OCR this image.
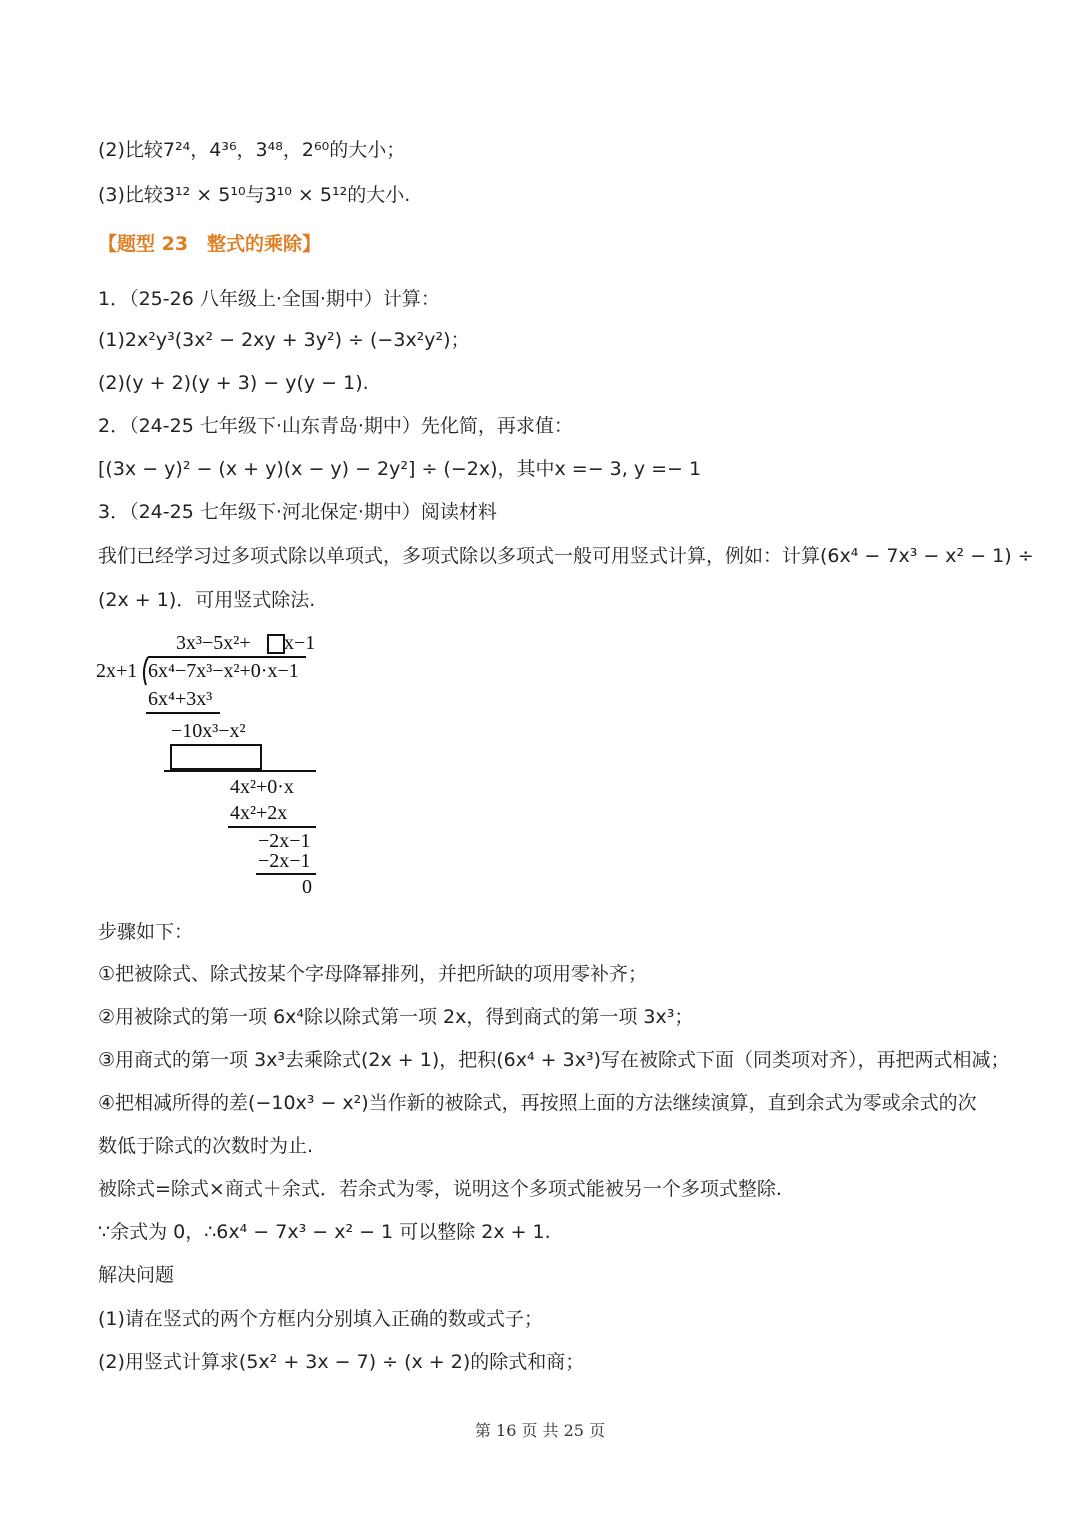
(2)比较7²⁴，4³⁶，3⁴⁸，2⁶⁰的大小；
(3)比较3¹² × 5¹⁰与3¹⁰ × 5¹²的大小.
【题型 23　整式的乘除】
1．（25-26 八年级上·全国·期中）计算：
(1)2x²y³(3x² − 2xy + 3y²) ÷ (−3x²y²)；
(2)(y + 2)(y + 3) − y(y − 1).
2．（24-25 七年级下·山东青岛·期中）先化简，再求值：
[(3x − y)² − (x + y)(x − y) − 2y²] ÷ (−2x)，其中x =− 3, y =− 1
3．（24-25 七年级下·河北保定·期中）阅读材料
我们已经学习过多项式除以单项式，多项式除以多项式一般可用竖式计算，例如：计算(6x⁴ − 7x³ − x² − 1) ÷
(2x + 1)．可用竖式除法.
3x³−5x²+ x−1
2x+1 6x⁴−7x³−x²+0·x−1
6x⁴+3x³
−10x³−x²
4x²+0·x
4x²+2x
−2x−1
−2x−1
0
步骤如下：
①把被除式、除式按某个字母降幂排列，并把所缺的项用零补齐；
②用被除式的第一项 6x⁴除以除式第一项 2x，得到商式的第一项 3x³；
③用商式的第一项 3x³去乘除式(2x + 1)，把积(6x⁴ + 3x³)写在被除式下面（同类项对齐），再把两式相减；
④把相减所得的差(−10x³ − x²)当作新的被除式，再按照上面的方法继续演算，直到余式为零或余式的次
数低于除式的次数时为止.
被除式=除式×商式＋余式．若余式为零，说明这个多项式能被另一个多项式整除.
∵余式为 0，∴6x⁴ − 7x³ − x² − 1 可以整除 2x + 1.
解决问题
(1)请在竖式的两个方框内分别填入正确的数或式子；
(2)用竖式计算求(5x² + 3x − 7) ÷ (x + 2)的除式和商；
第 16 页 共 25 页
